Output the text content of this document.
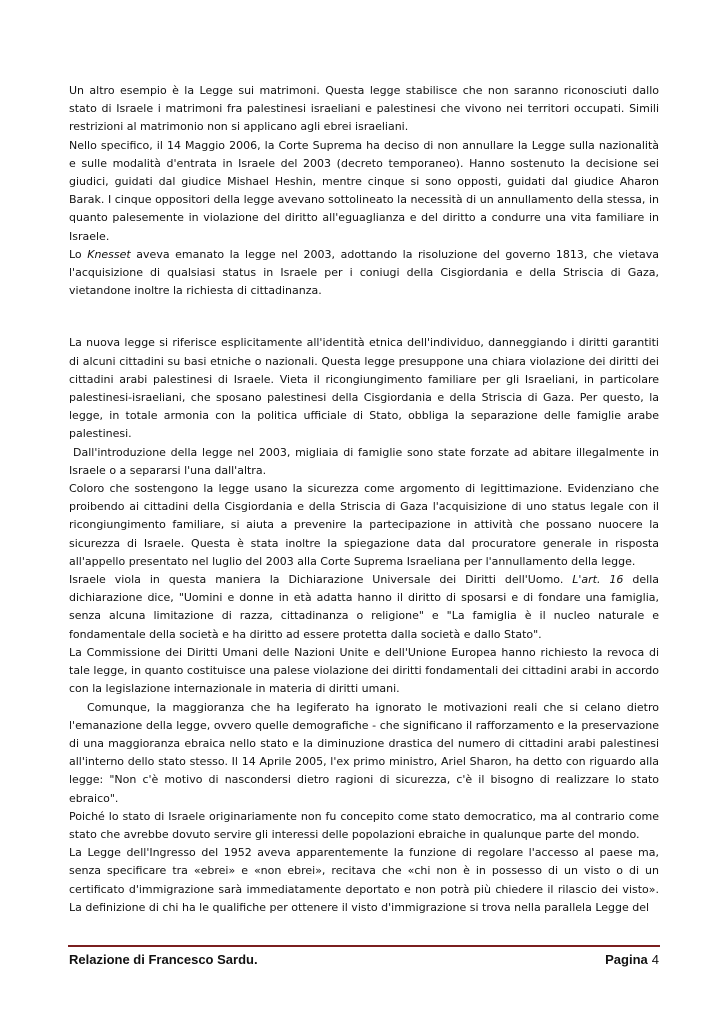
Un altro esempio è la Legge sui matrimoni. Questa legge stabilisce che non saranno riconosciuti dallo stato di Israele i matrimoni fra palestinesi israeliani e palestinesi che vivono nei territori occupati. Simili restrizioni al matrimonio non si applicano agli ebrei israeliani.

Nello specifico, il 14 Maggio 2006, la Corte Suprema ha deciso di non annullare la Legge sulla nazionalità e sulle modalità d'entrata in Israele del 2003 (decreto temporaneo). Hanno sostenuto la decisione sei giudici, guidati dal giudice Mishael Heshin, mentre cinque si sono opposti, guidati dal giudice Aharon Barak. I cinque oppositori della legge avevano sottolineato la necessità di un annullamento della stessa, in quanto palesemente in violazione del diritto all'eguaglianza e del diritto a condurre una vita familiare in Israele.

Lo Knesset aveva emanato la legge nel 2003, adottando la risoluzione del governo 1813, che vietava l'acquisizione di qualsiasi status in Israele per i coniugi della Cisgiordania e della Striscia di Gaza, vietandone inoltre la richiesta di cittadinanza.

La nuova legge si riferisce esplicitamente all'identità etnica dell'individuo, danneggiando i diritti garantiti di alcuni cittadini su basi etniche o nazionali. Questa legge presuppone una chiara violazione dei diritti dei cittadini arabi palestinesi di Israele. Vieta il ricongiungimento familiare per gli Israeliani, in particolare palestinesi-israeliani, che sposano palestinesi della Cisgiordania e della Striscia di Gaza. Per questo, la legge, in totale armonia con la politica ufficiale di Stato, obbliga la separazione delle famiglie arabe palestinesi.

Dall'introduzione della legge nel 2003, migliaia di famiglie sono state forzate ad abitare illegalmente in Israele o a separarsi l'una dall'altra.

Coloro che sostengono la legge usano la sicurezza come argomento di legittimazione. Evidenziano che proibendo ai cittadini della Cisgiordania e della Striscia di Gaza l'acquisizione di uno status legale con il ricongiungimento familiare, si aiuta a prevenire la partecipazione in attività che possano nuocere la sicurezza di Israele. Questa è stata inoltre la spiegazione data dal procuratore generale in risposta all'appello presentato nel luglio del 2003 alla Corte Suprema Israeliana per l'annullamento della legge.

Israele viola in questa maniera la Dichiarazione Universale dei Diritti dell'Uomo. L'art. 16 della dichiarazione dice, "Uomini e donne in età adatta hanno il diritto di sposarsi e di fondare una famiglia, senza alcuna limitazione di razza, cittadinanza o religione" e "La famiglia è il nucleo naturale e fondamentale della società e ha diritto ad essere protetta dalla società e dallo Stato".

La Commissione dei Diritti Umani delle Nazioni Unite e dell'Unione Europea hanno richiesto la revoca di tale legge, in quanto costituisce una palese violazione dei diritti fondamentali dei cittadini arabi in accordo con la legislazione internazionale in materia di diritti umani.

Comunque, la maggioranza che ha legiferato ha ignorato le motivazioni reali che si celano dietro l'emanazione della legge, ovvero quelle demografiche - che significano il rafforzamento e la preservazione di una maggioranza ebraica nello stato e la diminuzione drastica del numero di cittadini arabi palestinesi all'interno dello stato stesso. Il 14 Aprile 2005, l'ex primo ministro, Ariel Sharon, ha detto con riguardo alla legge: "Non c'è motivo di nascondersi dietro ragioni di sicurezza, c'è il bisogno di realizzare lo stato ebraico".

Poiché lo stato di Israele originariamente non fu concepito come stato democratico, ma al contrario come stato che avrebbe dovuto servire gli interessi delle popolazioni ebraiche in qualunque parte del mondo.

La Legge dell'Ingresso del 1952 aveva apparentemente la funzione di regolare l'accesso al paese ma, senza specificare tra «ebrei» e «non ebrei», recitava che «chi non è in possesso di un visto o di un certificato d'immigrazione sarà immediatamente deportato e non potrà più chiedere il rilascio dei visto». La definizione di chi ha le qualifiche per ottenere il visto d'immigrazione si trova nella parallela Legge del

Relazione di Francesco Sardu.	Pagina 4
